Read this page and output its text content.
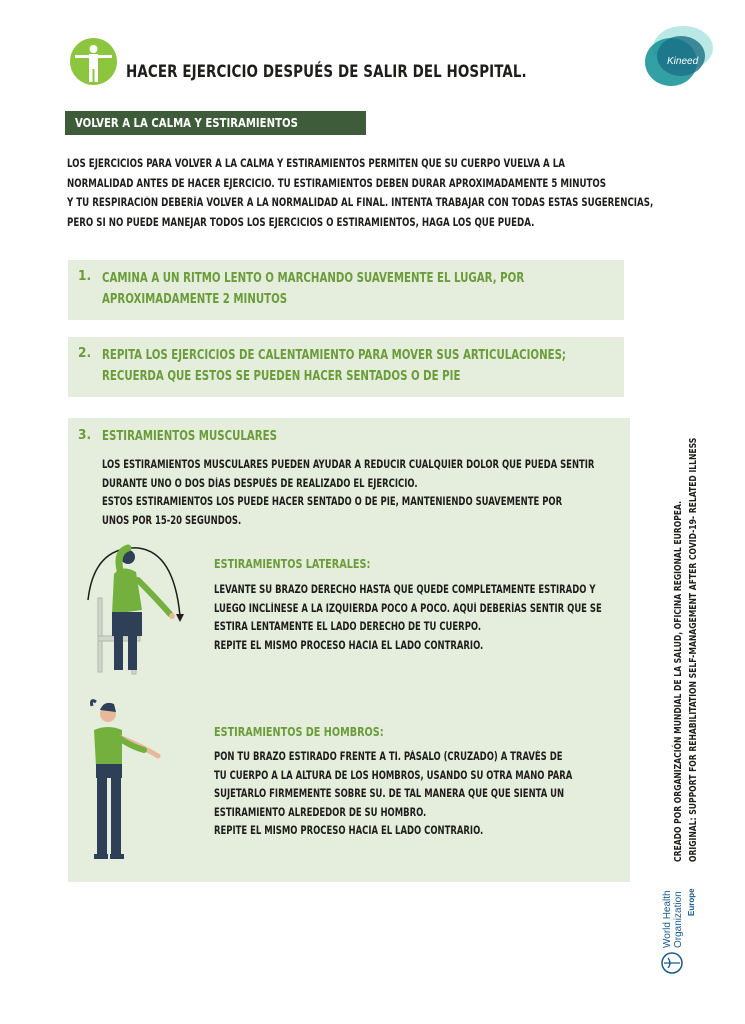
HACER EJERCICIO DESPUÉS DE SALIR DEL HOSPITAL.
Kineed
VOLVER A LA CALMA Y ESTIRAMIENTOS
LOS EJERCICIOS PARA VOLVER A LA CALMA Y ESTIRAMIENTOS PERMITEN QUE SU CUERPO VUELVA A LA
NORMALIDAD ANTES DE HACER EJERCICIO. TU ESTIRAMIENTOS DEBEN DURAR APROXIMADAMENTE 5 MINUTOS
Y TU RESPIRACIÓN DEBERÍA VOLVER A LA NORMALIDAD AL FINAL. INTENTA TRABAJAR CON TODAS ESTAS SUGERENCIAS,
PERO SI NO PUEDE MANEJAR TODOS LOS EJERCICIOS O ESTIRAMIENTOS, HAGA LOS QUE PUEDA.
1. CAMINA A UN RITMO LENTO O MARCHANDO SUAVEMENTE EL LUGAR, POR
APROXIMADAMENTE 2 MINUTOS
2. REPITA LOS EJERCICIOS DE CALENTAMIENTO PARA MOVER SUS ARTICULACIONES;
RECUERDA QUE ESTOS SE PUEDEN HACER SENTADOS O DE PIE
3. ESTIRAMIENTOS MUSCULARES
LOS ESTIRAMIENTOS MUSCULARES PUEDEN AYUDAR A REDUCIR CUALQUIER DOLOR QUE PUEDA SENTIR
DURANTE UNO O DOS DÍAS DESPUÉS DE REALIZADO EL EJERCICIO.
ESTOS ESTIRAMIENTOS LOS PUEDE HACER SENTADO O DE PIE, MANTENIENDO SUAVEMENTE POR
UNOS POR 15-20 SEGUNDOS.
ESTIRAMIENTOS LATERALES:
LEVANTE SU BRAZO DERECHO HASTA QUE QUEDE COMPLETAMENTE ESTIRADO Y
LUEGO INCLÍNESE A LA IZQUIERDA POCO A POCO. AQUÍ DEBERÍAS SENTIR QUE SE
ESTIRA LENTAMENTE EL LADO DERECHO DE TU CUERPO.
REPITE EL MISMO PROCESO HACIA EL LADO CONTRARIO.
ESTIRAMIENTOS DE HOMBROS:
PON TU BRAZO ESTIRADO FRENTE A TI. PÁSALO (CRUZADO) A TRAVÉS DE
TU CUERPO A LA ALTURA DE LOS HOMBROS, USANDO SU OTRA MANO PARA
SUJETARLO FIRMEMENTE SOBRE SU. DE TAL MANERA QUE QUE SIENTA UN
ESTIRAMIENTO ALREDEDOR DE SU HOMBRO.
REPITE EL MISMO PROCESO HACIA EL LADO CONTRARIO.	CREADO POR ORGANIZACIÓN MUNDIAL DE LA SALUD, OFICINA REGIONAL EUROPEA. ORIGINAL: SUPPORT FOR REHABILITATION SELF-MANAGEMENT AFTER COVID-19- RELATED ILLNESS
World Health Organization Europe
